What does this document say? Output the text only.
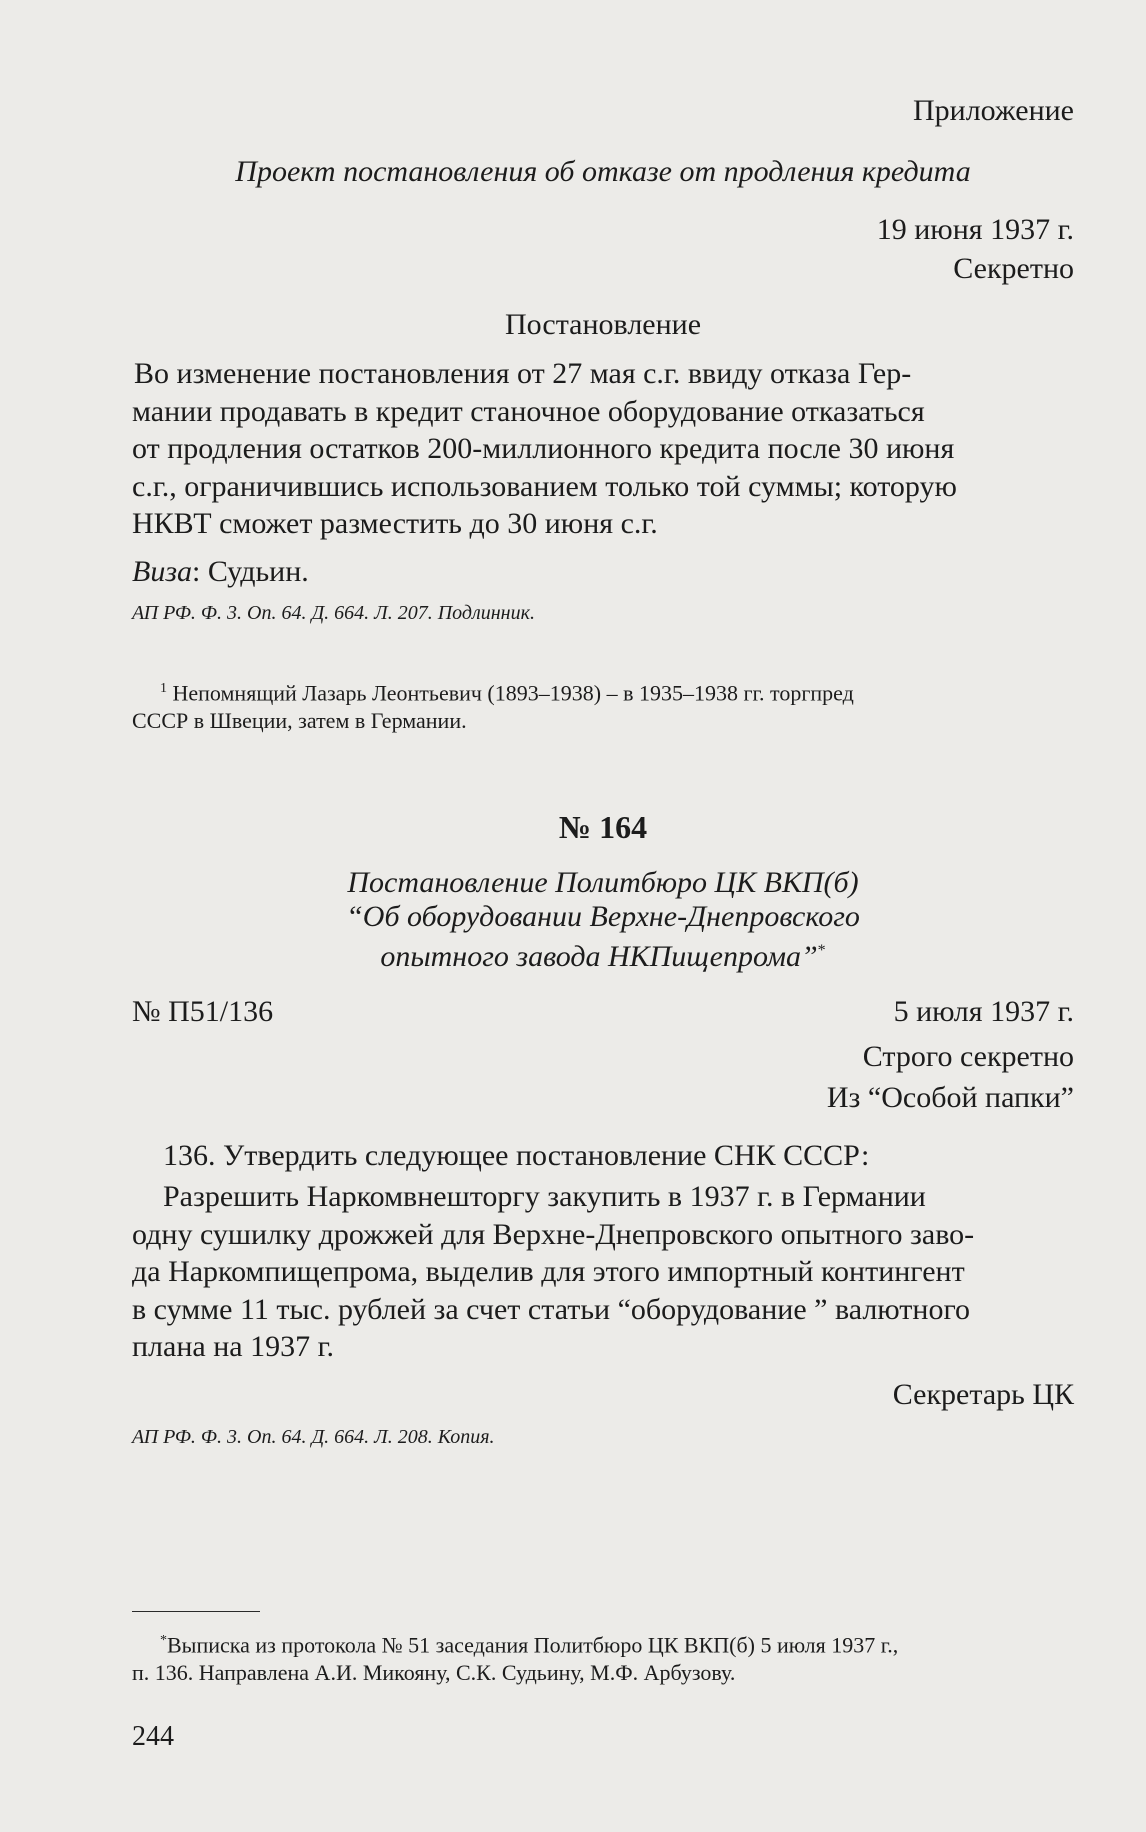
Приложение
Проект постановления об отказе от продления кредита
19 июня 1937 г.
Секретно
Постановление
Во изменение постановления от 27 мая с.г. ввиду отказа Гер-
мании продавать в кредит станочное оборудование отказаться
от продления остатков 200-миллионного кредита после 30 июня
с.г., ограничившись использованием только той суммы; которую
НКВТ сможет разместить до 30 июня с.г.
Виза: Судьин.
АП РФ. Ф. 3. Оп. 64. Д. 664. Л. 207. Подлинник.
$^1$ Непомнящий Лазарь Леонтьевич (1893–1938) – в 1935–1938 гг. торгпред
СССР в Швеции, затем в Германии.
№ 164
Постановление Политбюро ЦК ВКП(б)
“Об оборудовании Верхне-Днепровского
опытного завода НКПищепрома”*
№ П51/136	5 июля 1937 г.
Строго секретно
Из “Особой папки”
136. Утвердить следующее постановление СНК СССР:
Разрешить Наркомвнешторгу закупить в 1937 г. в Германии
одну сушилку дрожжей для Верхне-Днепровского опытного заво-
да Наркомпищепрома, выделив для этого импортный контингент
в сумме 11 тыс. рублей за счет статьи “оборудование ” валютного
плана на 1937 г.
Секретарь ЦК
АП РФ. Ф. 3. Оп. 64. Д. 664. Л. 208. Копия.
*Выписка из протокола № 51 заседания Политбюро ЦК ВКП(б) 5 июля 1937 г.,
п. 136. Направлена А.И. Микояну, С.К. Судьину, М.Ф. Арбузову.
244
